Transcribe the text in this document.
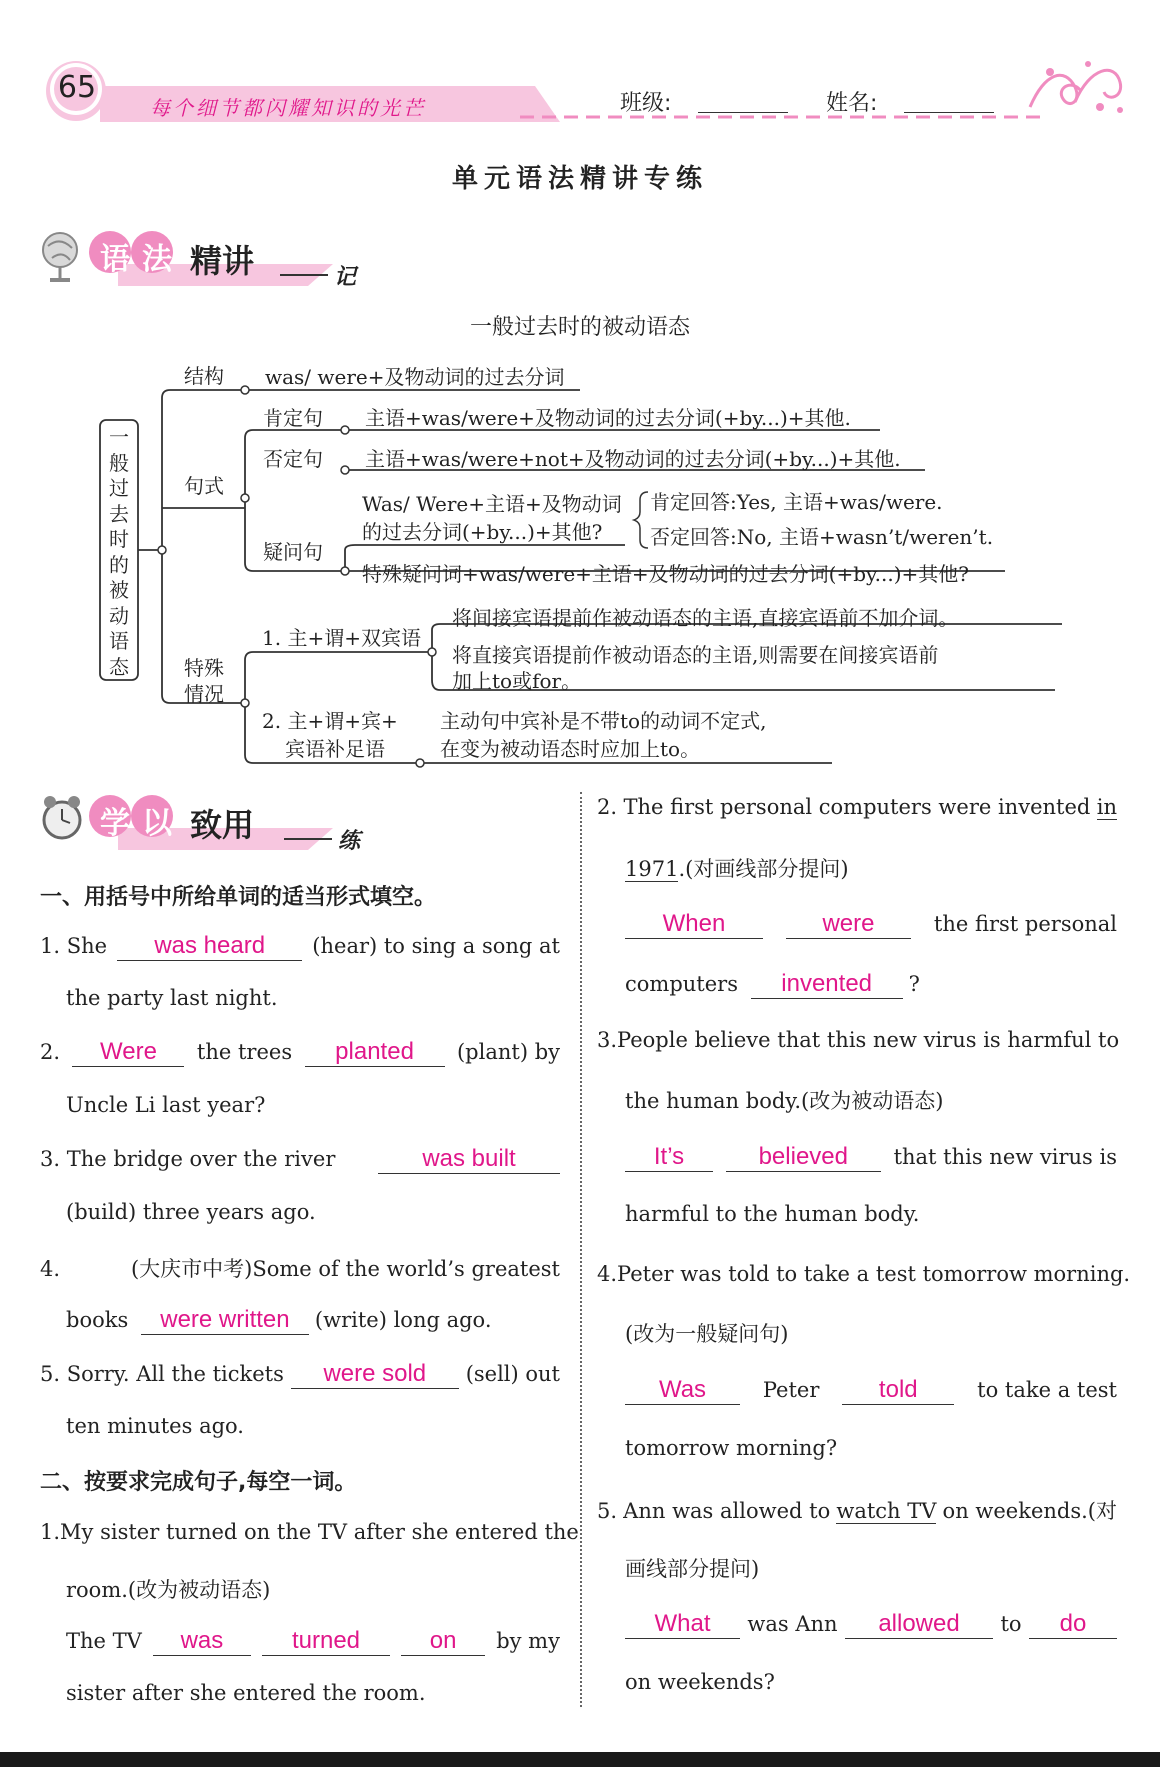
65
每个细节都闪耀知识的光芒	班级:	姓名:
单元语法精讲专练
语 法 精讲	记
一般过去时的被动语态
一般过去时的被动语态
结构 was/ were+及物动词的过去分词
句式
肯定句 主语+was/were+及物动词的过去分词(+by...)+其他.
否定句 主语+was/were+not+及物动词的过去分词(+by...)+其他.
疑问句
Was/ Were+主语+及物动词
的过去分词(+by...)+其他?
肯定回答:Yes, 主语+was/were.
否定回答:No, 主语+wasn’t/weren’t.
特殊疑问词+was/were+主语+及物动词的过去分词(+by...)+其他?
特殊
情况
1. 主+谓+双宾语
将间接宾语提前作被动语态的主语,直接宾语前不加介词。
将直接宾语提前作被动语态的主语,则需要在间接宾语前
加上to或for。
2. 主+谓+宾+
宾语补足语
主动句中宾补是不带to的动词不定式,
在变为被动语态时应加上to。
学 以 致用	练
一、用括号中所给单词的适当形式填空。
1. She	was heard	(hear) to sing a song at
the party last night.
2.	Were	the trees	planted	(plant) by
Uncle Li last year?
3. The bridge over the river	was built
(build) three years ago.
4.	(大庆市中考)Some of the world’s greatest
books were written (write) long ago.
5. Sorry. All the tickets	were sold	(sell) out
ten minutes ago.
二、按要求完成句子,每空一词。
1. My sister turned on the TV after she entered the
room.(改为被动语态)
The TV	was	turned	on	by my
sister after she entered the room.
2. The first personal computers were invented in
1971.(对画线部分提问)
When	were	the first personal
computers invented ?
3. People believe that this new virus is harmful to
the human body.(改为被动语态)
It’s	believed	that this new virus is
harmful to the human body.
4. Peter was told to take a test tomorrow morning.
(改为一般疑问句)
Was	Peter	told	to take a test
tomorrow morning?
5. Ann was allowed to watch TV on weekends.(对
画线部分提问)
What	was Ann	allowed	to	do
on weekends?
